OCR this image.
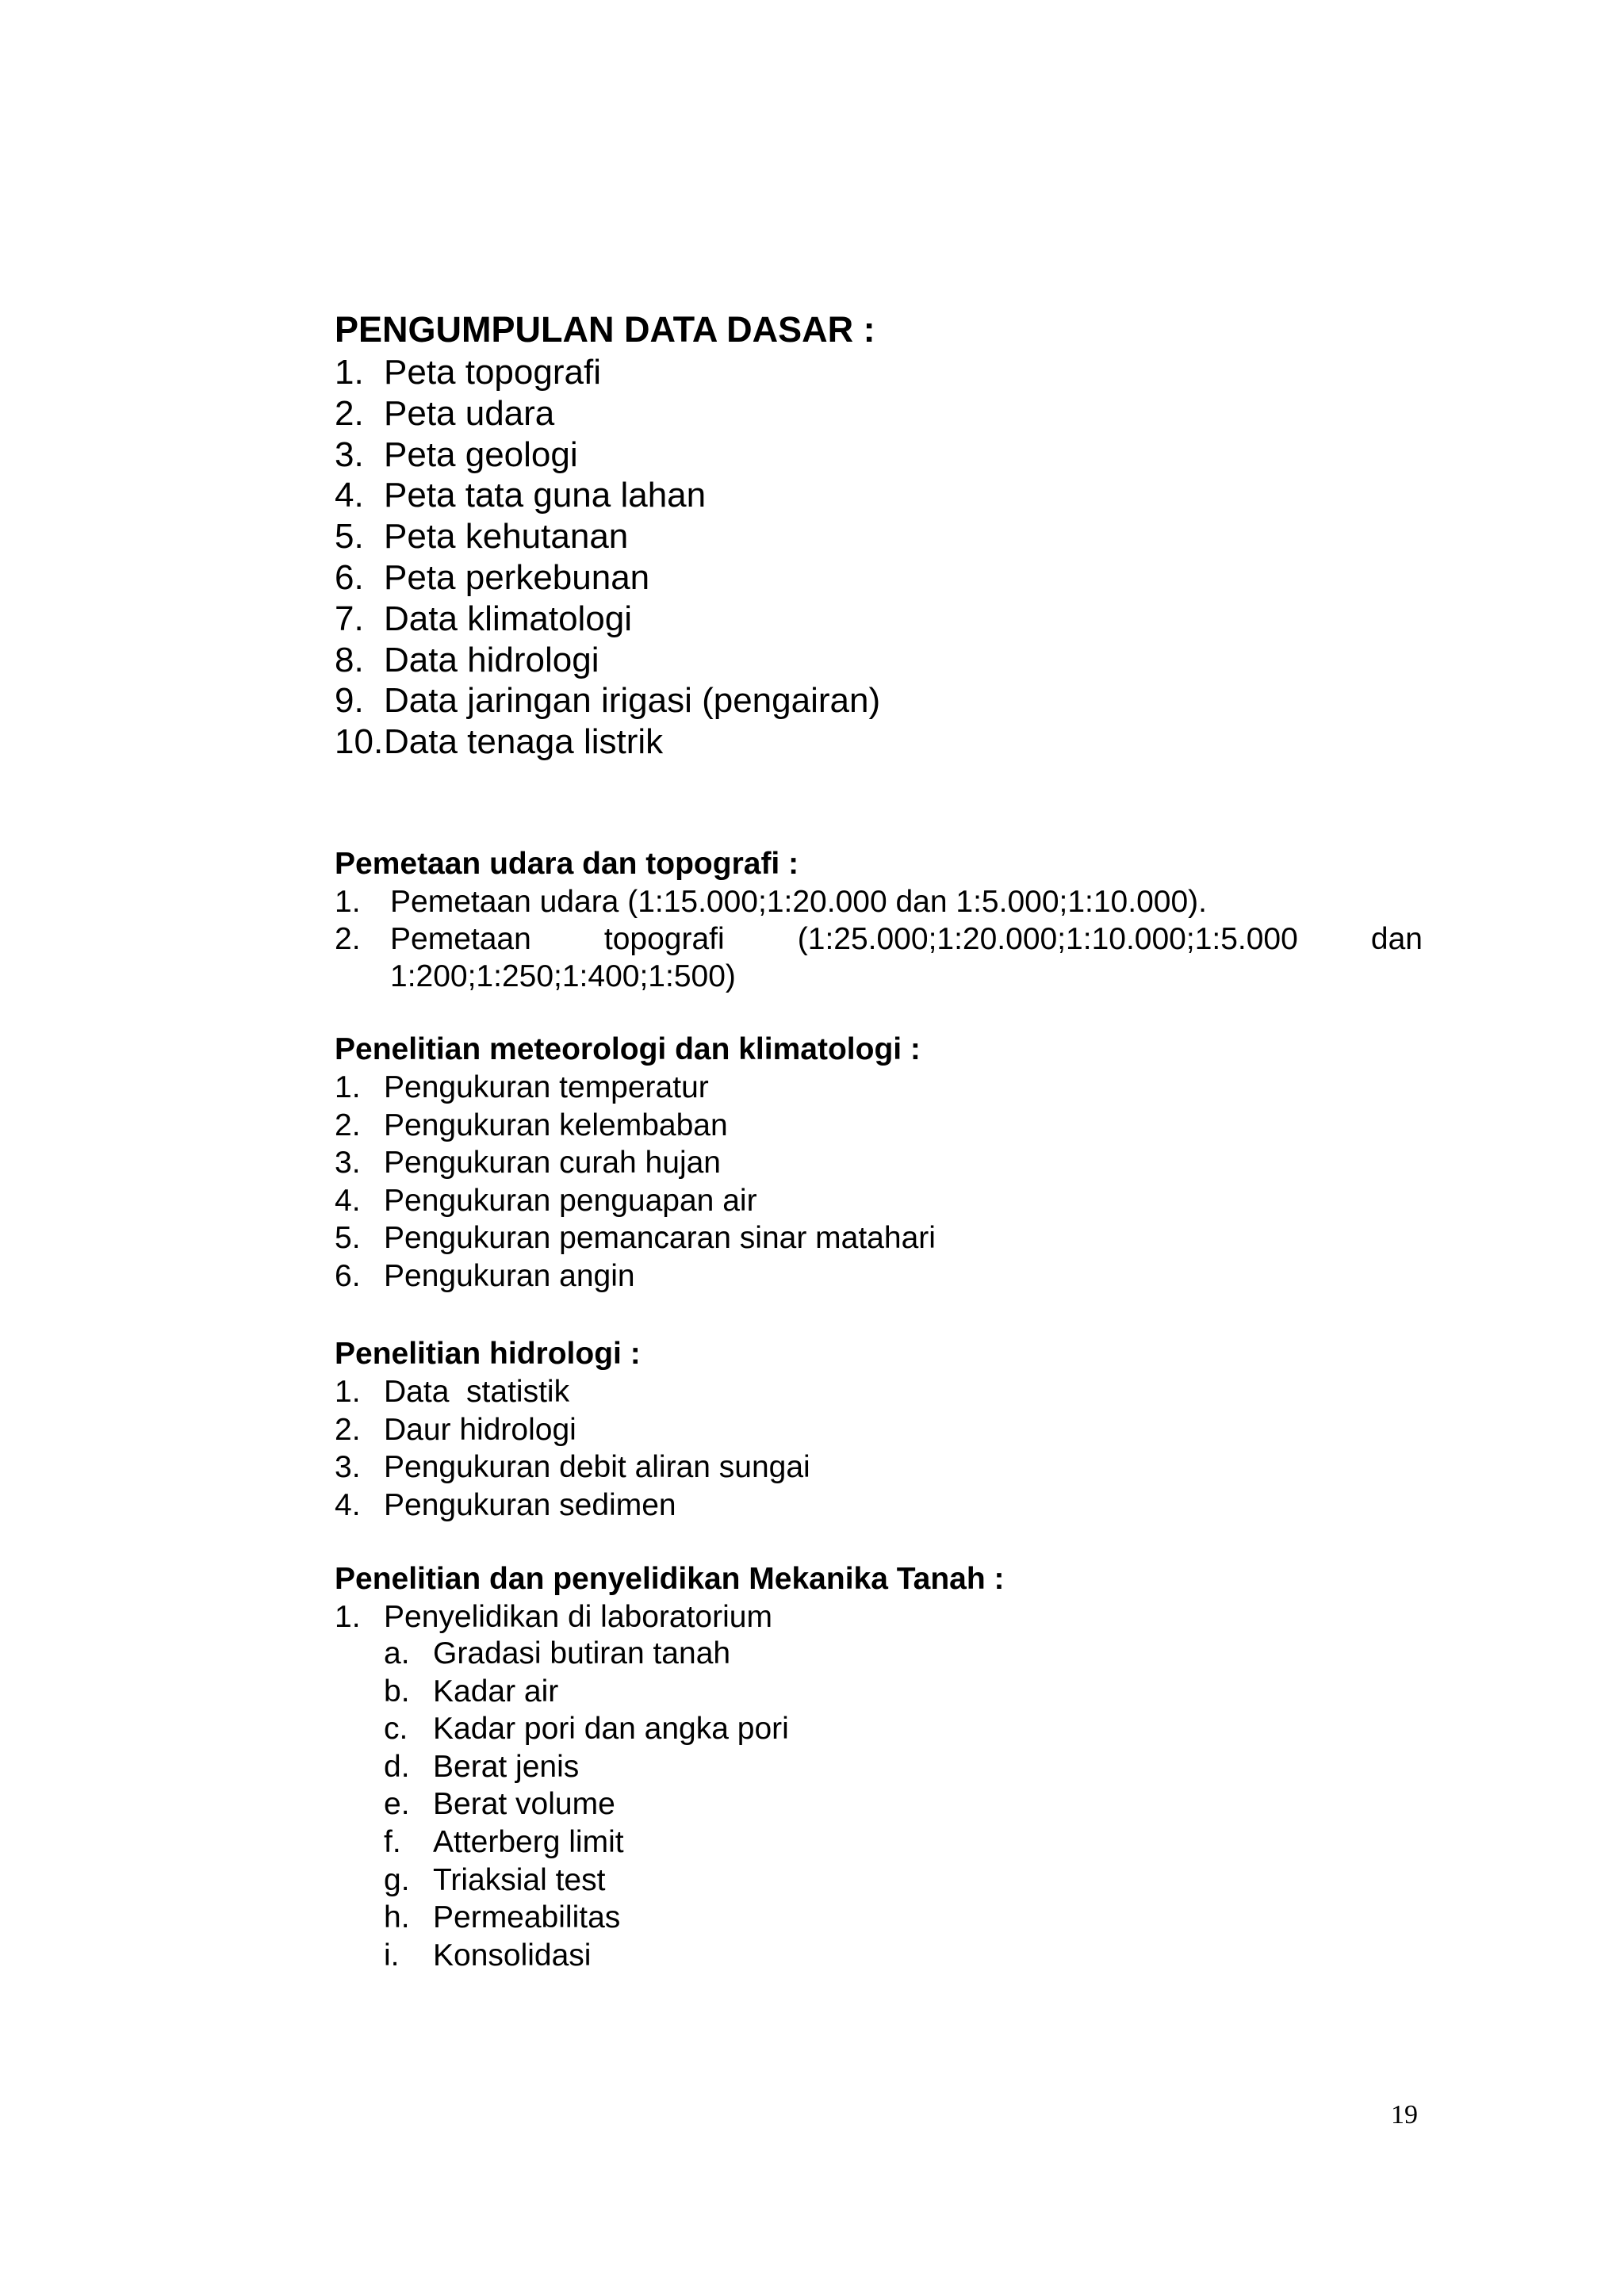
PENGUMPULAN DATA DASAR :
1. Peta topografi
2. Peta udara
3. Peta geologi
4. Peta tata guna lahan
5. Peta kehutanan
6. Peta perkebunan
7. Data klimatologi
8. Data hidrologi
9. Data jaringan irigasi (pengairan)
10. Data tenaga listrik
Pemetaan udara dan topografi :
1. Pemetaan udara (1:15.000;1:20.000 dan 1:5.000;1:10.000).
2. Pemetaan topografi (1:25.000;1:20.000;1:10.000;1:5.000 dan
1:200;1:250;1:400;1:500)
Penelitian meteorologi dan klimatologi :
1. Pengukuran temperatur
2. Pengukuran kelembaban
3. Pengukuran curah hujan
4. Pengukuran penguapan air
5. Pengukuran pemancaran sinar matahari
6. Pengukuran angin
Penelitian hidrologi :
1. Data  statistik
2. Daur hidrologi
3. Pengukuran debit aliran sungai
4. Pengukuran sedimen
Penelitian dan penyelidikan Mekanika Tanah :
1. Penyelidikan di laboratorium
a. Gradasi butiran tanah
b. Kadar air
c. Kadar pori dan angka pori
d. Berat jenis
e. Berat volume
f. Atterberg limit
g. Triaksial test
h. Permeabilitas
i. Konsolidasi
19
